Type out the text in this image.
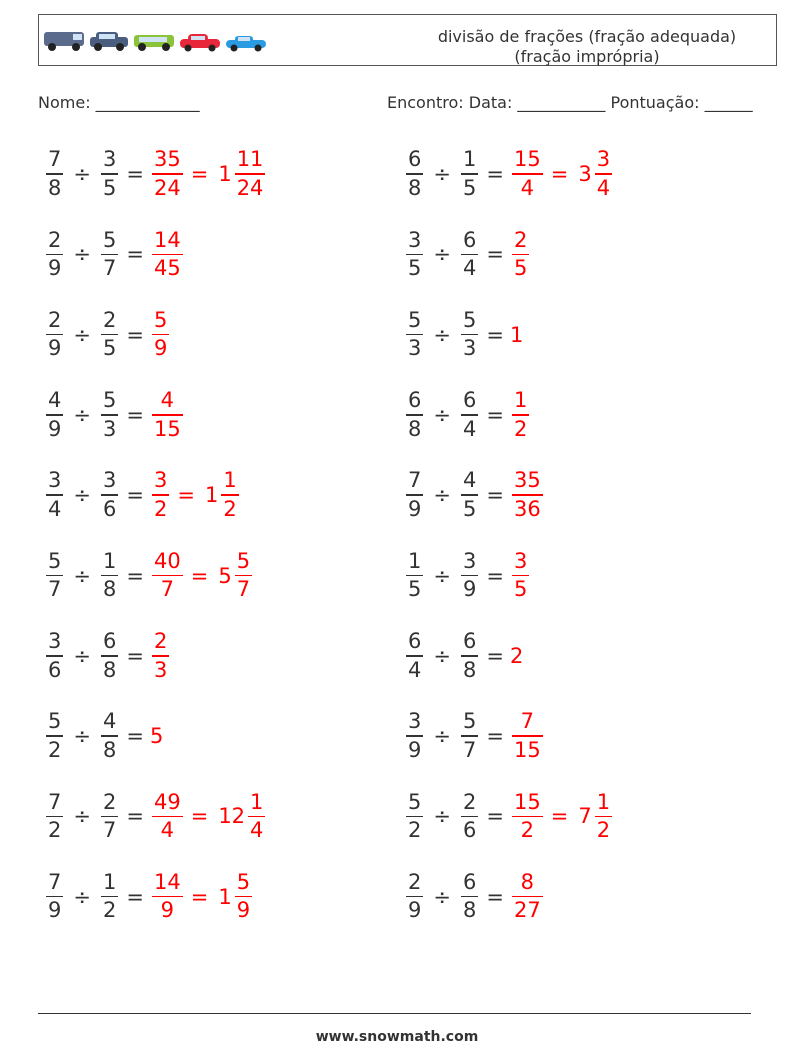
divisão de frações (fração adequada)
(fração imprópria)
Nome: _____________	Encontro: Data: ___________ Pontuação: ______
$\frac{7}{8} \div \frac{3}{5} = \frac{35}{24} = 1 \frac{11}{24}$	$\frac{6}{8} \div \frac{1}{5} = \frac{15}{4} = 3 \frac{3}{4}$
$\frac{2}{9} \div \frac{5}{7} = \frac{14}{45}$	$\frac{3}{5} \div \frac{6}{4} = \frac{2}{5}$
$\frac{2}{9} \div \frac{2}{5} = \frac{5}{9}$	$\frac{5}{3} \div \frac{5}{3} = 1$
$\frac{4}{9} \div \frac{5}{3} = \frac{4}{15}$	$\frac{6}{8} \div \frac{6}{4} = \frac{1}{2}$
$\frac{3}{4} \div \frac{3}{6} = \frac{3}{2} = 1 \frac{1}{2}$	$\frac{7}{9} \div \frac{4}{5} = \frac{35}{36}$
$\frac{5}{7} \div \frac{1}{8} = \frac{40}{7} = 5 \frac{5}{7}$	$\frac{1}{5} \div \frac{3}{9} = \frac{3}{5}$
$\frac{3}{6} \div \frac{6}{8} = \frac{2}{3}$	$\frac{6}{4} \div \frac{6}{8} = 2$
$\frac{5}{2} \div \frac{4}{8} = 5$	$\frac{3}{9} \div \frac{5}{7} = \frac{7}{15}$
$\frac{7}{2} \div \frac{2}{7} = \frac{49}{4} = 12 \frac{1}{4}$	$\frac{5}{2} \div \frac{2}{6} = \frac{15}{2} = 7 \frac{1}{2}$
$\frac{7}{9} \div \frac{1}{2} = \frac{14}{9} = 1 \frac{5}{9}$	$\frac{2}{9} \div \frac{6}{8} = \frac{8}{27}$
www.snowmath.com
